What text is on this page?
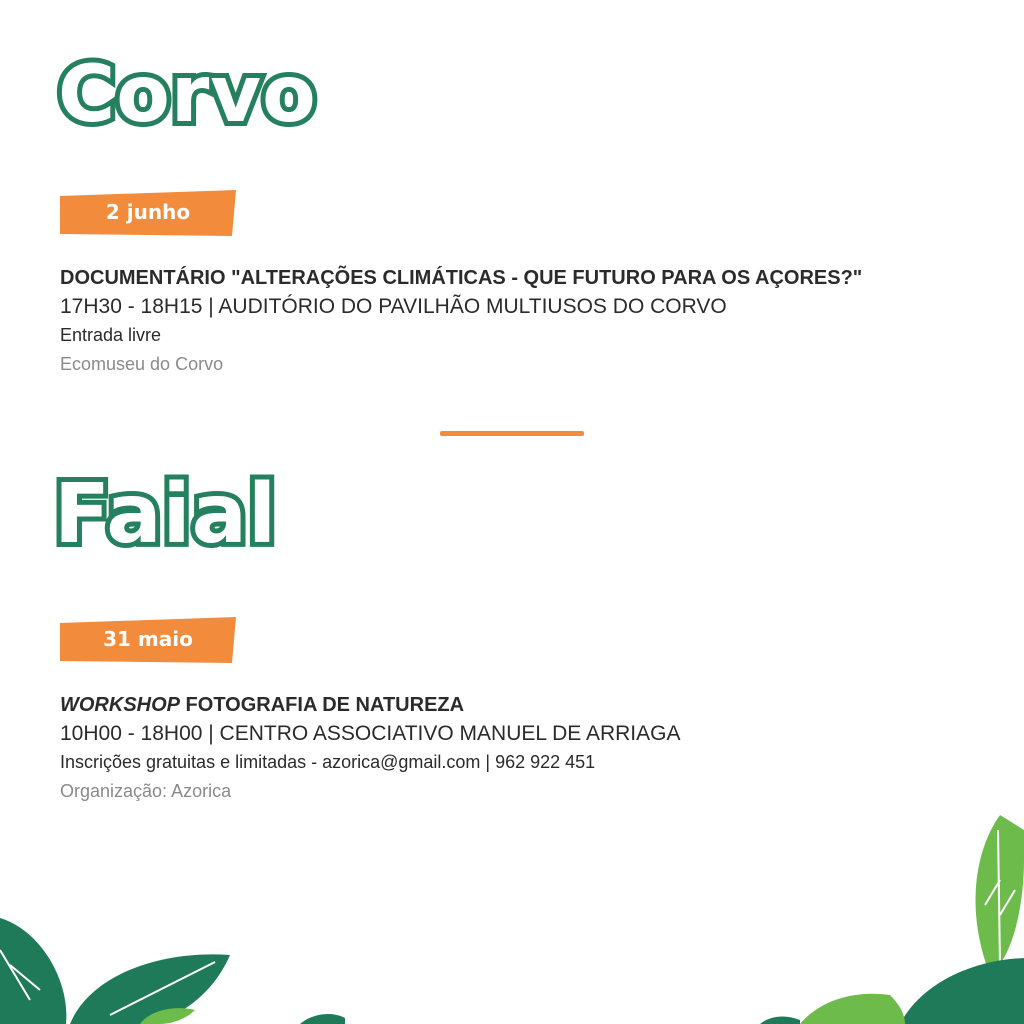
Corvo
2 junho
DOCUMENTÁRIO "ALTERAÇÕES CLIMÁTICAS - QUE FUTURO PARA OS AÇORES?"
17H30 - 18H15 | AUDITÓRIO DO PAVILHÃO MULTIUSOS DO CORVO
Entrada livre
Ecomuseu do Corvo
Faial
31 maio
WORKSHOP FOTOGRAFIA DE NATUREZA
10H00 - 18H00 | CENTRO ASSOCIATIVO MANUEL DE ARRIAGA
Inscrições gratuitas e limitadas - azorica@gmail.com | 962 922 451
Organização: Azorica
